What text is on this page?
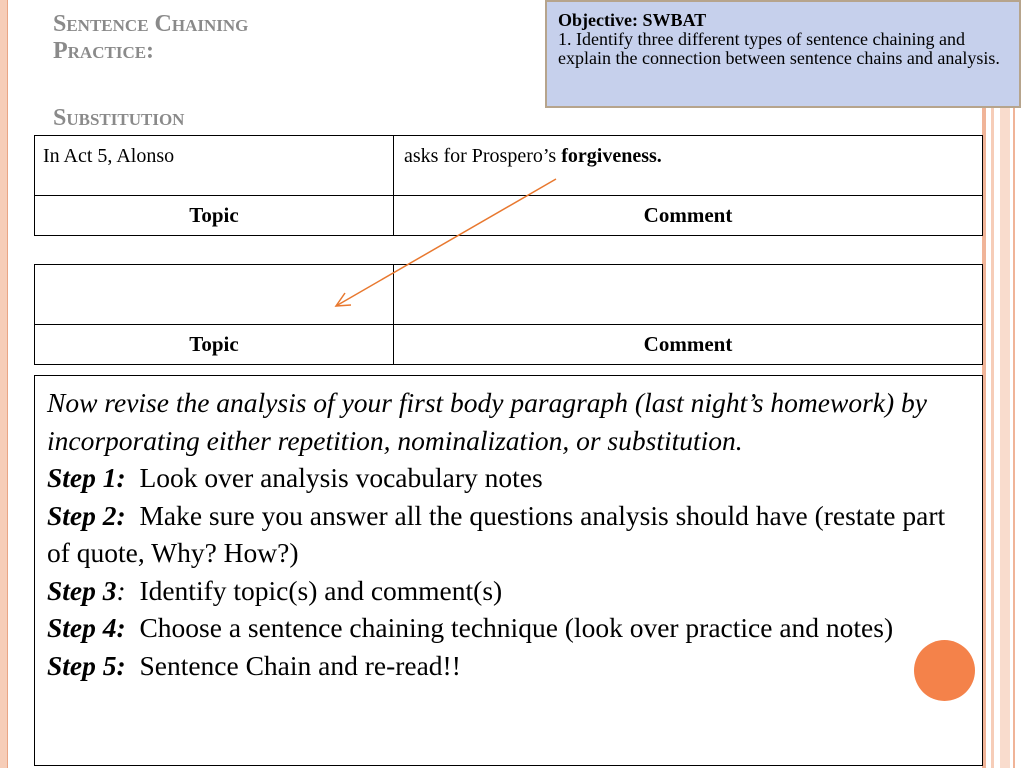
Sentence Chaining
Practice:
Substitution
Objective: SWBAT
1. Identify three different types of sentence chaining and explain the connection between sentence chains and analysis.
In Act 5, Alonso	asks for Prospero’s forgiveness.
Topic	Comment

Topic	Comment

Now revise the analysis of your first body paragraph (last night’s homework) by incorporating either repetition, nominalization, or substitution.

Step 1: Look over analysis vocabulary notes

Step 2: Make sure you answer all the questions analysis should have (restate part of quote, Why? How?)

Step 3: Identify topic(s) and comment(s)

Step 4: Choose a sentence chaining technique (look over practice and notes)

Step 5: Sentence Chain and re-read!!
